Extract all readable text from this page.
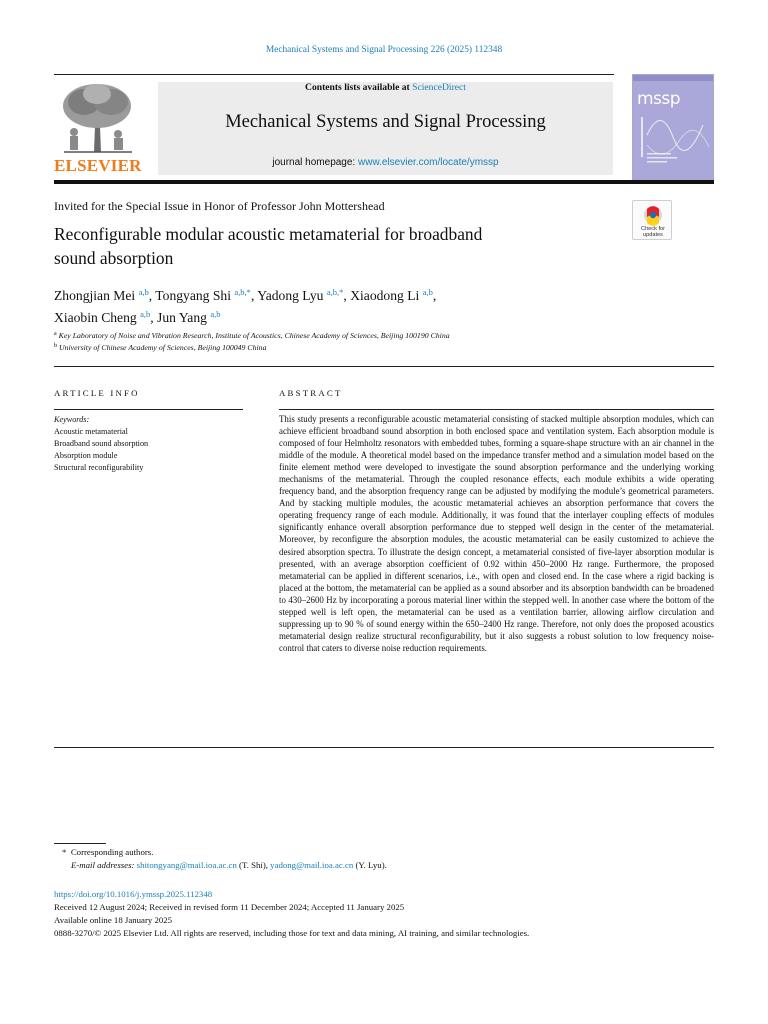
Mechanical Systems and Signal Processing 226 (2025) 112348
ELSEVIER
Contents lists available at ScienceDirect
Mechanical Systems and Signal Processing
journal homepage: www.elsevier.com/locate/ymssp
mssp
Invited for the Special Issue in Honor of Professor John Mottershead
Check for
updates
Reconfigurable modular acoustic metamaterial for broadband
sound absorption
Zhongjian Mei $^{a,b}$, Tongyang Shi $^{a,b,*}$, Yadong Lyu $^{a,b,*}$, Xiaodong Li $^{a,b}$,
Xiaobin Cheng $^{a,b}$, Jun Yang $^{a,b}$
$^a$ Key Laboratory of Noise and Vibration Research, Institute of Acoustics, Chinese Academy of Sciences, Beijing 100190 China
$^b$ University of Chinese Academy of Sciences, Beijing 100049 China
ARTICLE INFO
Keywords:
Acoustic metamaterial
Broadband sound absorption
Absorption module
Structural reconfigurability
ABSTRACT
This study presents a reconfigurable acoustic metamaterial consisting of stacked multiple absorption modules, which can achieve efficient broadband sound absorption in both enclosed space and ventilation system. Each absorption module is composed of four Helmholtz resonators with embedded tubes, forming a square-shape structure with an air channel in the middle of the module. A theoretical model based on the impedance transfer method and a simulation model based on the finite element method were developed to investigate the sound absorption performance and the underlying working mechanisms of the metamaterial. Through the coupled resonance effects, each module exhibits a wide operating frequency band, and the absorption frequency range can be adjusted by modifying the module’s geometrical parameters. And by stacking multiple modules, the acoustic metamaterial achieves an absorption performance that covers the operating frequency range of each module. Additionally, it was found that the interlayer coupling effects of modules significantly enhance overall absorption performance due to stepped well design in the center of the metamaterial. Moreover, by reconfigure the absorption modules, the acoustic metamaterial can be easily customized to achieve the desired absorption spectra. To illustrate the design concept, a metamaterial consisted of five-layer absorption modular is presented, with an average absorption coefficient of 0.92 within 450–2000 Hz range. Furthermore, the proposed metamaterial can be applied in different scenarios, i.e., with open and closed end. In the case where a rigid backing is placed at the bottom, the metamaterial can be applied as a sound absorber and its absorption bandwidth can be broadened to 430–2600 Hz by incorporating a porous material liner within the stepped well. In another case where the bottom of the stepped well is left open, the metamaterial can be used as a ventilation barrier, allowing airflow circulation and suppressing up to 90 % of sound energy within the 650–2400 Hz range. Therefore, not only does the proposed acoustics metamaterial design realize structural reconfigurability, but it also suggests a robust solution to low frequency noise-control that caters to diverse noise reduction requirements.
* Corresponding authors.
E-mail addresses: shitongyang@mail.ioa.ac.cn (T. Shi), yadong@mail.ioa.ac.cn (Y. Lyu).
https://doi.org/10.1016/j.ymssp.2025.112348
Received 12 August 2024; Received in revised form 11 December 2024; Accepted 11 January 2025
Available online 18 January 2025
0888-3270/© 2025 Elsevier Ltd. All rights are reserved, including those for text and data mining, AI training, and similar technologies.
